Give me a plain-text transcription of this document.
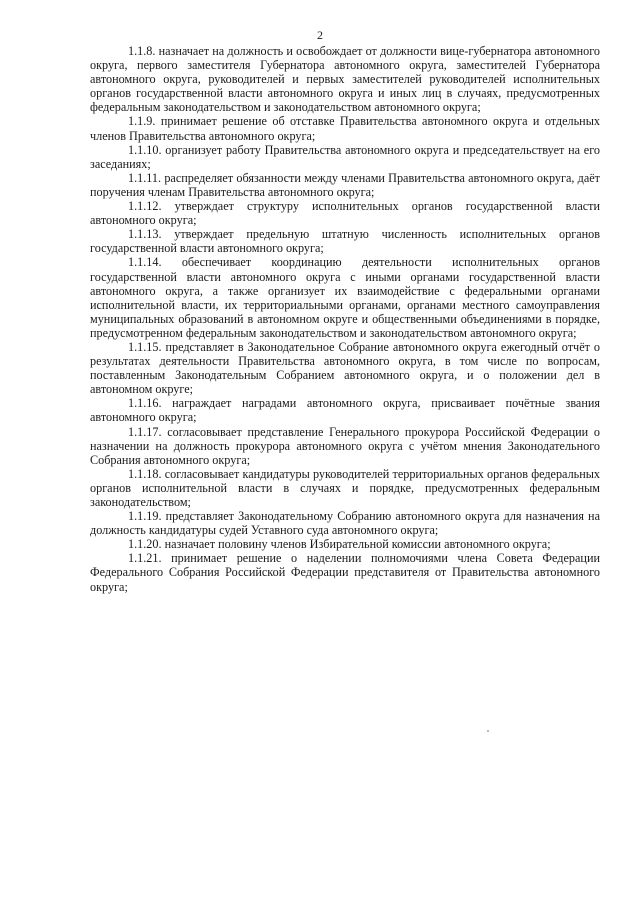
2

1.1.8. назначает на должность и освобождает от должности вице-губернатора автономного округа, первого заместителя Губернатора автономного округа, заместителей Губернатора автономного округа, руководителей и первых заместителей руководителей исполнительных органов государственной власти автономного округа и иных лиц в случаях, предусмотренных федеральным законодательством и законодательством автономного округа;

1.1.9. принимает решение об отставке Правительства автономного округа и отдельных членов Правительства автономного округа;

1.1.10. организует работу Правительства автономного округа и председательствует на его заседаниях;

1.1.11. распределяет обязанности между членами Правительства автономного округа, даёт поручения членам Правительства автономного округа;

1.1.12. утверждает структуру исполнительных органов государственной власти автономного округа;

1.1.13. утверждает предельную штатную численность исполнительных органов государственной власти автономного округа;

1.1.14. обеспечивает координацию деятельности исполнительных органов государственной власти автономного округа с иными органами государственной власти автономного округа, а также организует их взаимодействие с федеральными органами исполнительной власти, их территориальными органами, органами местного самоуправления муниципальных образований в автономном округе и общественными объединениями в порядке, предусмотренном федеральным законодательством и законодательством автономного округа;

1.1.15. представляет в Законодательное Собрание автономного округа ежегодный отчёт о результатах деятельности Правительства автономного округа, в том числе по вопросам, поставленным Законодательным Собранием автономного округа, и о положении дел в автономном округе;

1.1.16. награждает наградами автономного округа, присваивает почётные звания автономного округа;

1.1.17. согласовывает представление Генерального прокурора Российской Федерации о назначении на должность прокурора автономного округа с учётом мнения Законодательного Собрания автономного округа;

1.1.18. согласовывает кандидатуры руководителей территориальных органов федеральных органов исполнительной власти в случаях и порядке, предусмотренных федеральным законодательством;

1.1.19. представляет Законодательному Собранию автономного округа для назначения на должность кандидатуры судей Уставного суда автономного округа;

1.1.20. назначает половину членов Избирательной комиссии автономного округа;

1.1.21. принимает решение о наделении полномочиями члена Совета Федерации Федерального Собрания Российской Федерации представителя от Правительства автономного округа;
